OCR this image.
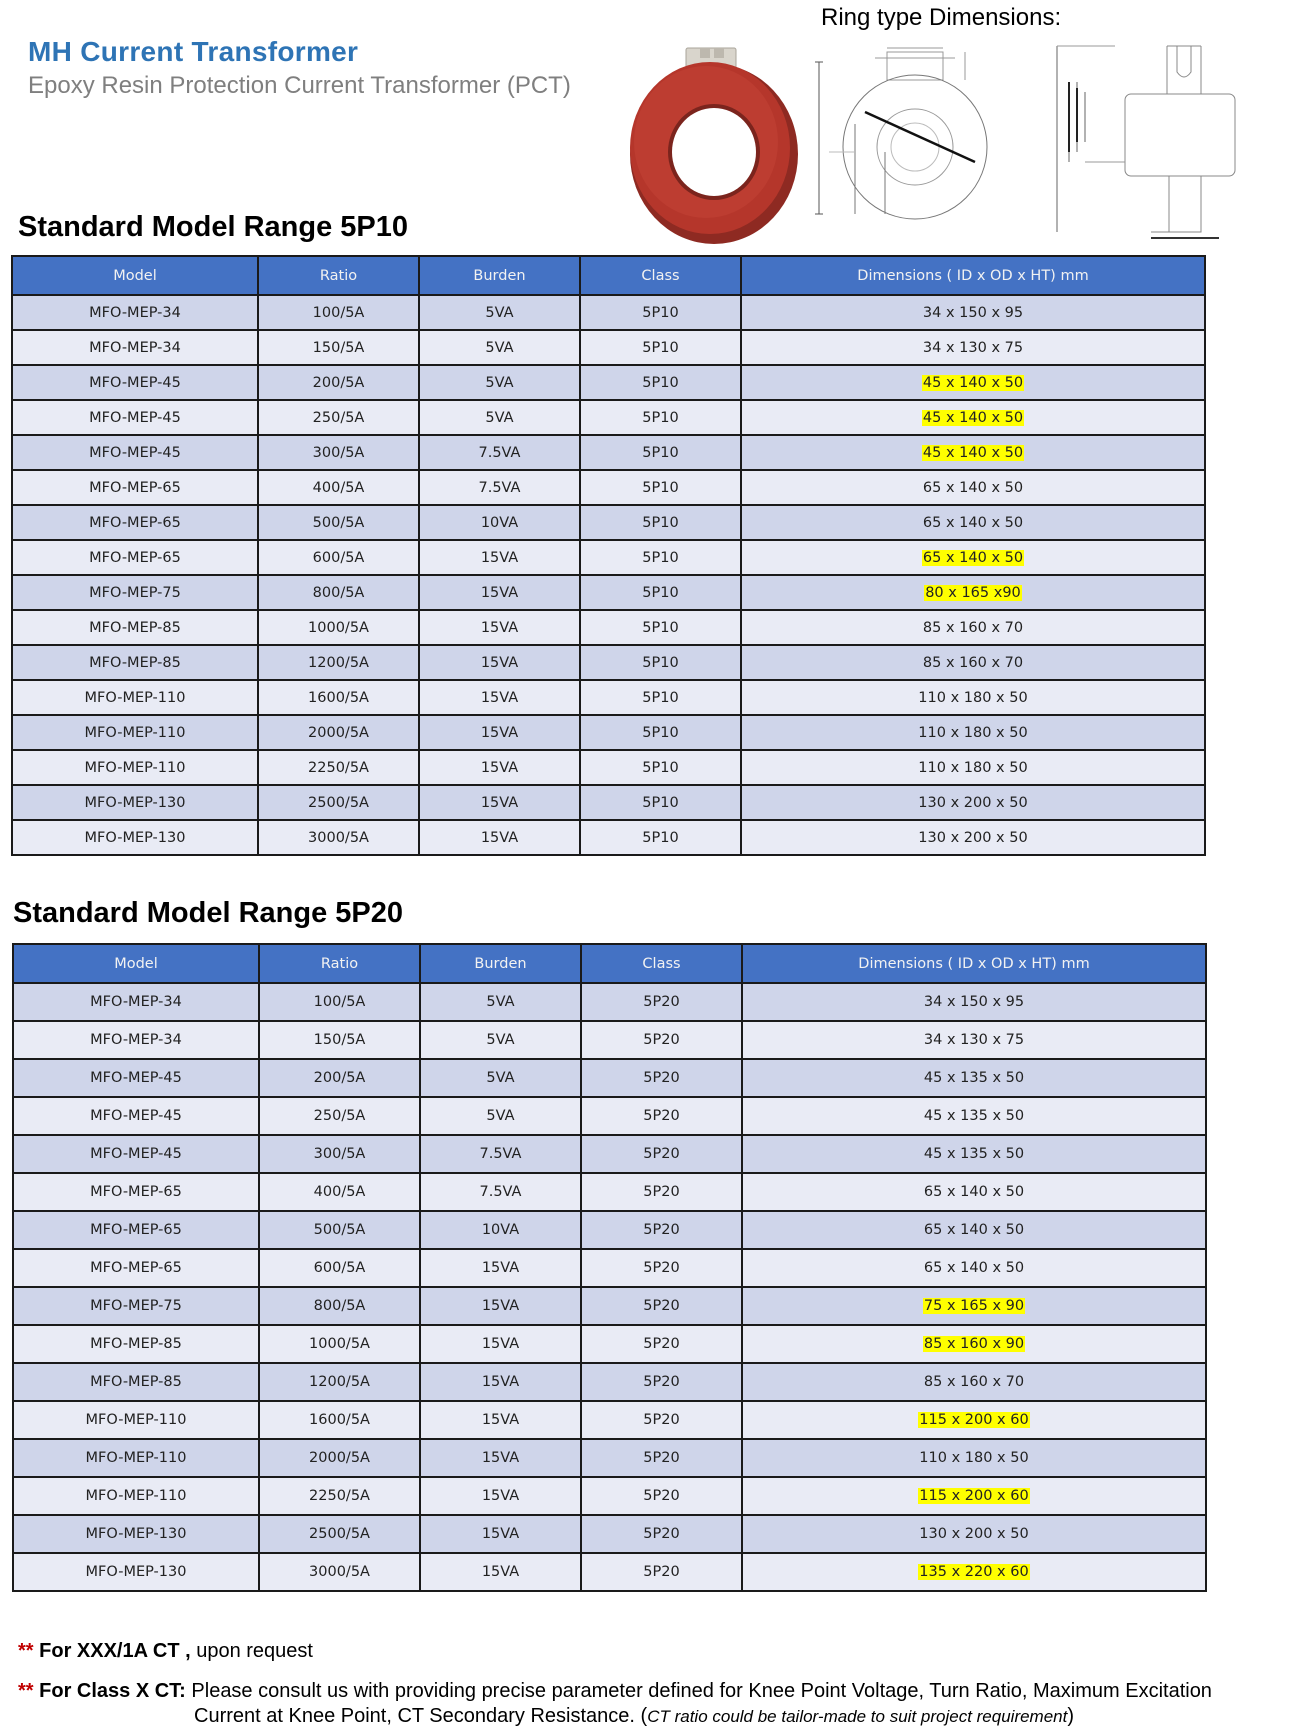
MH Current Transformer
Epoxy Resin Protection Current Transformer (PCT)
Ring type Dimensions:
Standard Model Range 5P10
Model	Ratio	Burden	Class	Dimensions ( ID x OD x HT) mm
MFO-MEP-34	100/5A	5VA	5P10	34 x 150 x 95
MFO-MEP-34	150/5A	5VA	5P10	34 x 130 x 75
MFO-MEP-45	200/5A	5VA	5P10	45 x 140 x 50
MFO-MEP-45	250/5A	5VA	5P10	45 x 140 x 50
MFO-MEP-45	300/5A	7.5VA	5P10	45 x 140 x 50
MFO-MEP-65	400/5A	7.5VA	5P10	65 x 140 x 50
MFO-MEP-65	500/5A	10VA	5P10	65 x 140 x 50
MFO-MEP-65	600/5A	15VA	5P10	65 x 140 x 50
MFO-MEP-75	800/5A	15VA	5P10	80 x 165 x90
MFO-MEP-85	1000/5A	15VA	5P10	85 x 160 x 70
MFO-MEP-85	1200/5A	15VA	5P10	85 x 160 x 70
MFO-MEP-110	1600/5A	15VA	5P10	110 x 180 x 50
MFO-MEP-110	2000/5A	15VA	5P10	110 x 180 x 50
MFO-MEP-110	2250/5A	15VA	5P10	110 x 180 x 50
MFO-MEP-130	2500/5A	15VA	5P10	130 x 200 x 50
MFO-MEP-130	3000/5A	15VA	5P10	130 x 200 x 50
Standard Model Range 5P20
Model	Ratio	Burden	Class	Dimensions ( ID x OD x HT) mm
MFO-MEP-34	100/5A	5VA	5P20	34 x 150 x 95
MFO-MEP-34	150/5A	5VA	5P20	34 x 130 x 75
MFO-MEP-45	200/5A	5VA	5P20	45 x 135 x 50
MFO-MEP-45	250/5A	5VA	5P20	45 x 135 x 50
MFO-MEP-45	300/5A	7.5VA	5P20	45 x 135 x 50
MFO-MEP-65	400/5A	7.5VA	5P20	65 x 140 x 50
MFO-MEP-65	500/5A	10VA	5P20	65 x 140 x 50
MFO-MEP-65	600/5A	15VA	5P20	65 x 140 x 50
MFO-MEP-75	800/5A	15VA	5P20	75 x 165 x 90
MFO-MEP-85	1000/5A	15VA	5P20	85 x 160 x 90
MFO-MEP-85	1200/5A	15VA	5P20	85 x 160 x 70
MFO-MEP-110	1600/5A	15VA	5P20	115 x 200 x 60
MFO-MEP-110	2000/5A	15VA	5P20	110 x 180 x 50
MFO-MEP-110	2250/5A	15VA	5P20	115 x 200 x 60
MFO-MEP-130	2500/5A	15VA	5P20	130 x 200 x 50
MFO-MEP-130	3000/5A	15VA	5P20	135 x 220 x 60
** For XXX/1A CT , upon request
** For Class X CT: Please consult us with providing precise parameter defined for Knee Point Voltage, Turn Ratio, Maximum Excitation
Current at Knee Point, CT Secondary Resistance. (CT ratio could be tailor-made to suit project requirement)
